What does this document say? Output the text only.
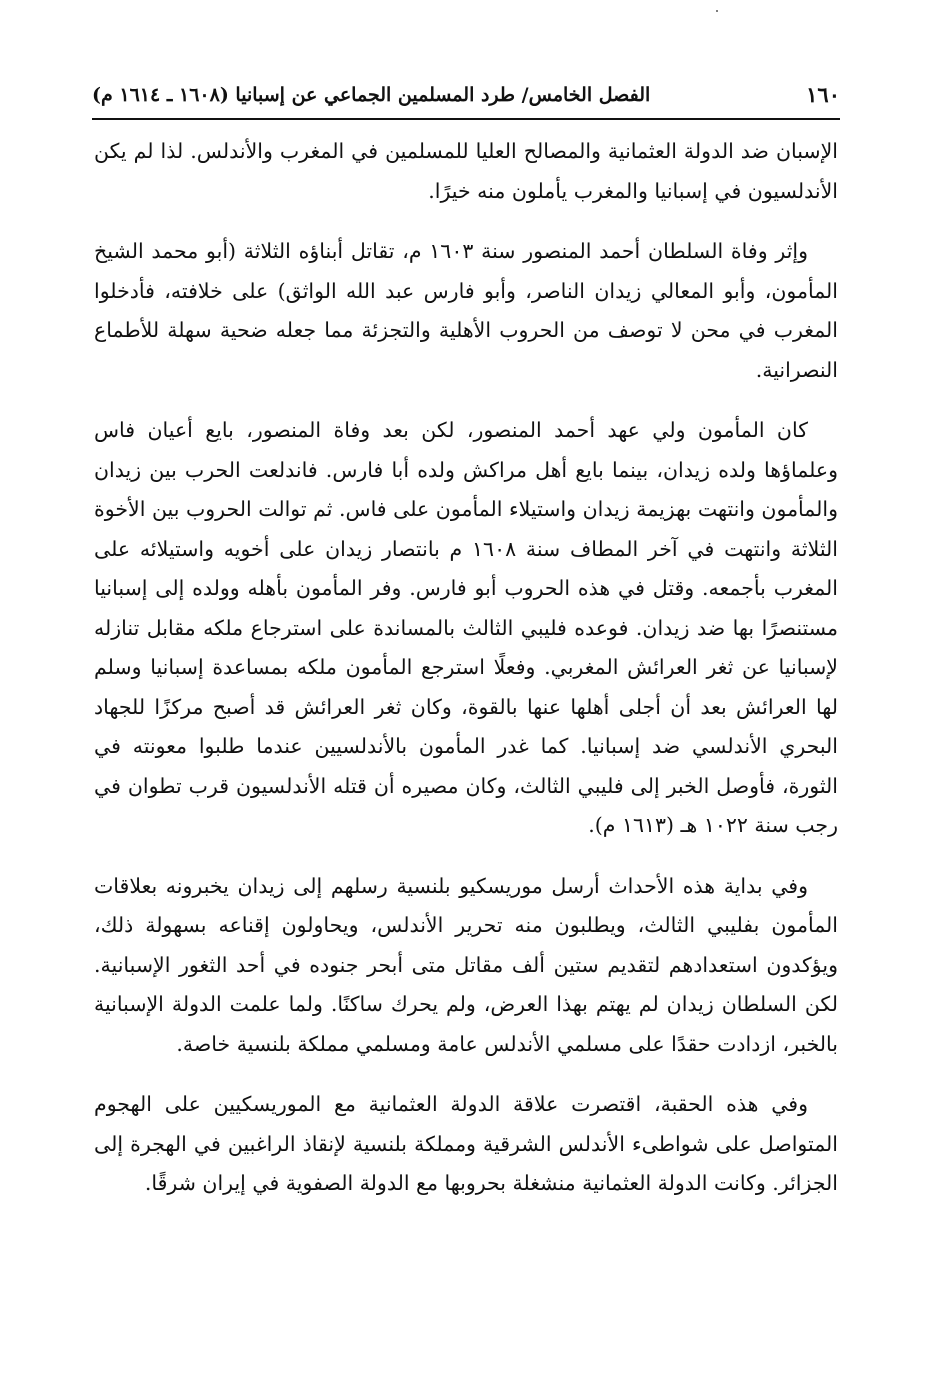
١٦٠
الفصل الخامس/ طرد المسلمين الجماعي عن إسبانيا (١٦٠٨ ـ ١٦١٤ م)

الإسبان ضد الدولة العثمانية والمصالح العليا للمسلمين في المغرب والأندلس. لذا لم يكن الأندلسيون في إسبانيا والمغرب يأملون منه خيرًا.

وإثر وفاة السلطان أحمد المنصور سنة ١٦٠٣ م، تقاتل أبناؤه الثلاثة (أبو محمد الشيخ المأمون، وأبو المعالي زيدان الناصر، وأبو فارس عبد الله الواثق) على خلافته، فأدخلوا المغرب في محن لا توصف من الحروب الأهلية والتجزئة مما جعله ضحية سهلة للأطماع النصرانية.

كان المأمون ولي عهد أحمد المنصور، لكن بعد وفاة المنصور، بايع أعيان فاس وعلماؤها ولده زيدان، بينما بايع أهل مراكش ولده أبا فارس. فاندلعت الحرب بين زيدان والمأمون وانتهت بهزيمة زيدان واستيلاء المأمون على فاس. ثم توالت الحروب بين الأخوة الثلاثة وانتهت في آخر المطاف سنة ١٦٠٨ م بانتصار زيدان على أخويه واستيلائه على المغرب بأجمعه. وقتل في هذه الحروب أبو فارس. وفر المأمون بأهله وولده إلى إسبانيا مستنصرًا بها ضد زيدان. فوعده فليبي الثالث بالمساندة على استرجاع ملكه مقابل تنازله لإسبانيا عن ثغر العرائش المغربي. وفعلًا استرجع المأمون ملكه بمساعدة إسبانيا وسلم لها العرائش بعد أن أجلى أهلها عنها بالقوة، وكان ثغر العرائش قد أصبح مركزًا للجهاد البحري الأندلسي ضد إسبانيا. كما غدر المأمون بالأندلسيين عندما طلبوا معونته في الثورة، فأوصل الخبر إلى فليبي الثالث، وكان مصيره أن قتله الأندلسيون قرب تطوان في رجب سنة ١٠٢٢ هـ (١٦١٣ م).

وفي بداية هذه الأحداث أرسل موريسكيو بلنسية رسلهم إلى زيدان يخبرونه بعلاقات المأمون بفليبي الثالث، ويطلبون منه تحرير الأندلس، ويحاولون إقناعه بسهولة ذلك، ويؤكدون استعدادهم لتقديم ستين ألف مقاتل متى أبحر جنوده في أحد الثغور الإسبانية. لكن السلطان زيدان لم يهتم بهذا العرض، ولم يحرك ساكنًا. ولما علمت الدولة الإسبانية بالخبر، ازدادت حقدًا على مسلمي الأندلس عامة ومسلمي مملكة بلنسية خاصة.

وفي هذه الحقبة، اقتصرت علاقة الدولة العثمانية مع الموريسكيين على الهجوم المتواصل على شواطىء الأندلس الشرقية ومملكة بلنسية لإنقاذ الراغبين في الهجرة إلى الجزائر. وكانت الدولة العثمانية منشغلة بحروبها مع الدولة الصفوية في إيران شرقًا.
